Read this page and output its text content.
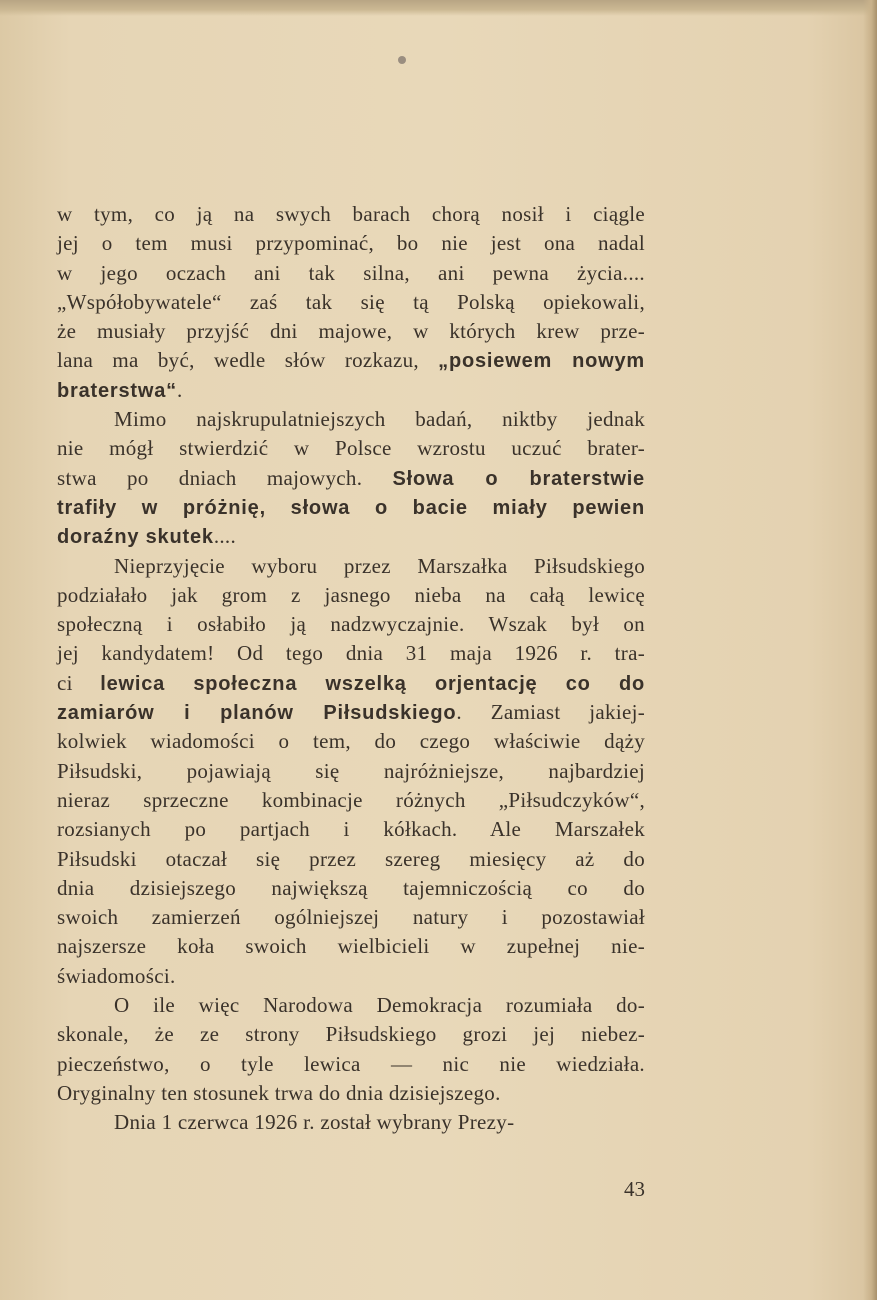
w tym, co ją na swych barach chorą nosił i ciągle
jej o tem musi przypominać, bo nie jest ona nadal
w jego oczach ani tak silna, ani pewna życia....
„Współobywatele“ zaś tak się tą Polską opiekowali,
że musiały przyjść dni majowe, w których krew prze-
lana ma być, wedle słów rozkazu, „posiewem nowym
braterstwa“.
Mimo najskrupulatniejszych badań, niktby jednak
nie mógł stwierdzić w Polsce wzrostu uczuć brater-
stwa po dniach majowych. Słowa o braterstwie
trafiły w próżnię, słowa o bacie miały pewien
doraźny skutek....
Nieprzyjęcie wyboru przez Marszałka Piłsudskiego
podziałało jak grom z jasnego nieba na całą lewicę
społeczną i osłabiło ją nadzwyczajnie. Wszak był on
jej kandydatem! Od tego dnia 31 maja 1926 r. tra-
ci lewica społeczna wszelką orjentację co do
zamiarów i planów Piłsudskiego. Zamiast jakiej-
kolwiek wiadomości o tem, do czego właściwie dąży
Piłsudski, pojawiają się najróżniejsze, najbardziej
nieraz sprzeczne kombinacje różnych „Piłsudczyków“,
rozsianych po partjach i kółkach. Ale Marszałek
Piłsudski otaczał się przez szereg miesięcy aż do
dnia dzisiejszego największą tajemniczością co do
swoich zamierzeń ogólniejszej natury i pozostawiał
najszersze koła swoich wielbicieli w zupełnej nie-
świadomości.
O ile więc Narodowa Demokracja rozumiała do-
skonale, że ze strony Piłsudskiego grozi jej niebez-
pieczeństwo, o tyle lewica — nic nie wiedziała.
Oryginalny ten stosunek trwa do dnia dzisiejszego.
Dnia 1 czerwca 1926 r. został wybrany Prezy-
43
